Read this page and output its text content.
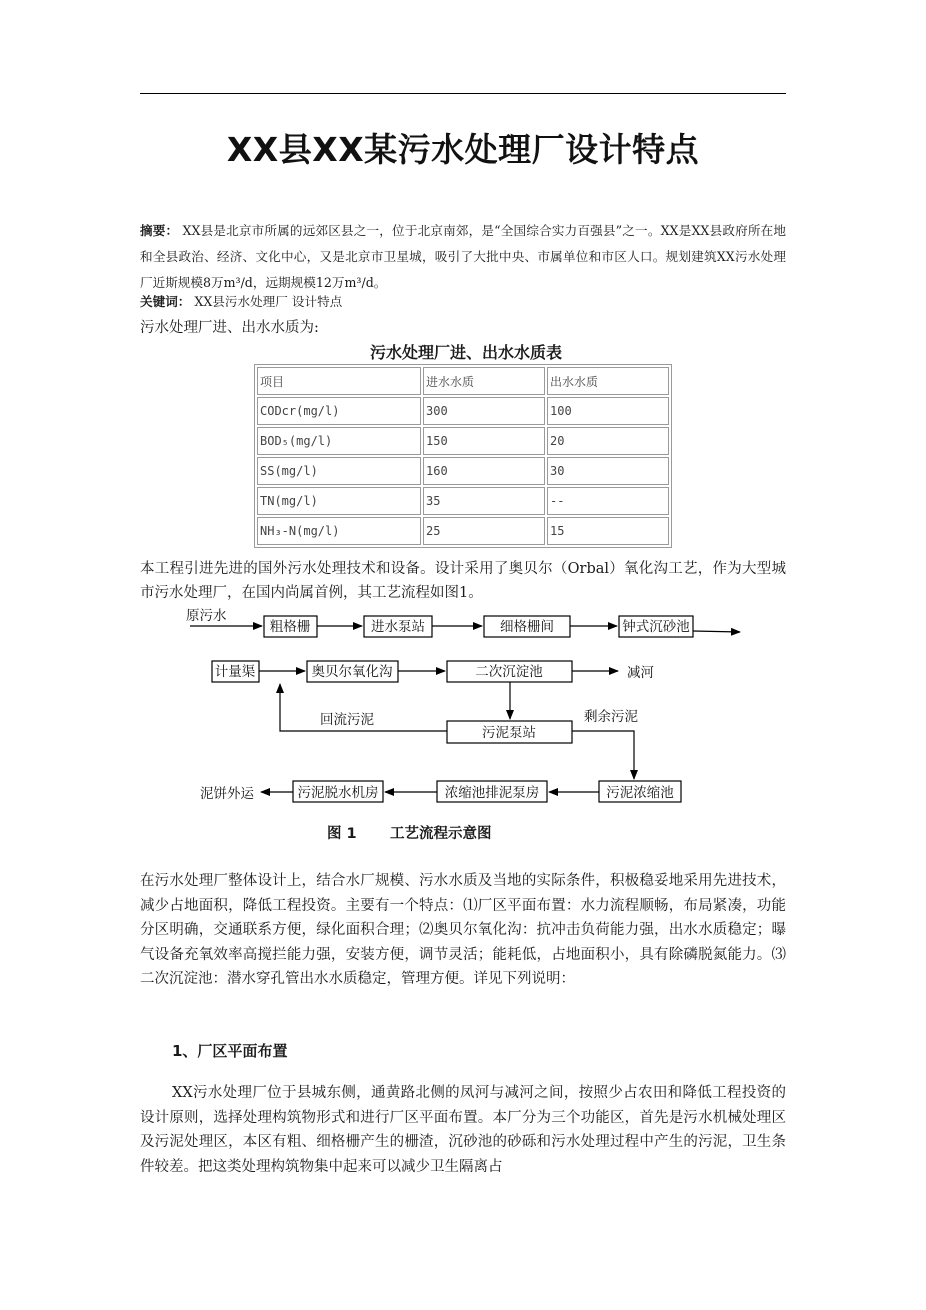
XX县XX某污水处理厂设计特点
摘要： XX县是北京市所属的远郊区县之一，位于北京南郊，是“全国综合实力百强县”之一。XX是XX县政府所在地和全县政治、经济、文化中心，又是北京市卫星城，吸引了大批中央、市属单位和市区人口。规划建筑XX污水处理厂近斯规模8万m³/d，远期规模12万m³/d。
关键词： XX县污水处理厂 设计特点
污水处理厂进、出水水质为:
污水处理厂进、出水水质表
项目	进水水质	出水水质
CODcr(mg/l)	300	100
BOD₅(mg/l)	150	20
SS(mg/l)	160	30
TN(mg/l)	35	--
NH₃-N(mg/l)	25	15
本工程引进先进的国外污水处理技术和设备。设计采用了奥贝尔（Orbal）氧化沟工艺，作为大型城市污水处理厂，在国内尚属首例，其工艺流程如图1。
原污水
粗格栅	进水泵站	细格栅间	钟式沉砂池
计量渠	奥贝尔氧化沟	二次沉淀池	减河
回流污泥
污泥泵站
剩余污泥
泥饼外运	污泥脱水机房	浓缩池排泥泵房	污泥浓缩池
图 1 工艺流程示意图
在污水处理厂整体设计上，结合水厂规模、污水水质及当地的实际条件，积极稳妥地采用先进技术，减少占地面积，降低工程投资。主要有一个特点：⑴厂区平面布置：水力流程顺畅，布局紧凑，功能分区明确，交通联系方便，绿化面积合理；⑵奥贝尔氧化沟：抗冲击负荷能力强，出水水质稳定；曝气设备充氧效率高搅拦能力强，安装方便，调节灵活；能耗低，占地面积小，具有除磷脱氮能力。⑶二次沉淀池：潜水穿孔管出水水质稳定，管理方便。详见下列说明：
1、厂区平面布置
XX污水处理厂位于县城东侧，通黄路北侧的凤河与减河之间，按照少占农田和降低工程投资的设计原则，选择处理构筑物形式和进行厂区平面布置。本厂分为三个功能区，首先是污水机械处理区及污泥处理区，本区有粗、细格栅产生的栅渣，沉砂池的砂砾和污水处理过程中产生的污泥，卫生条件较差。把这类处理构筑物集中起来可以减少卫生隔离占
